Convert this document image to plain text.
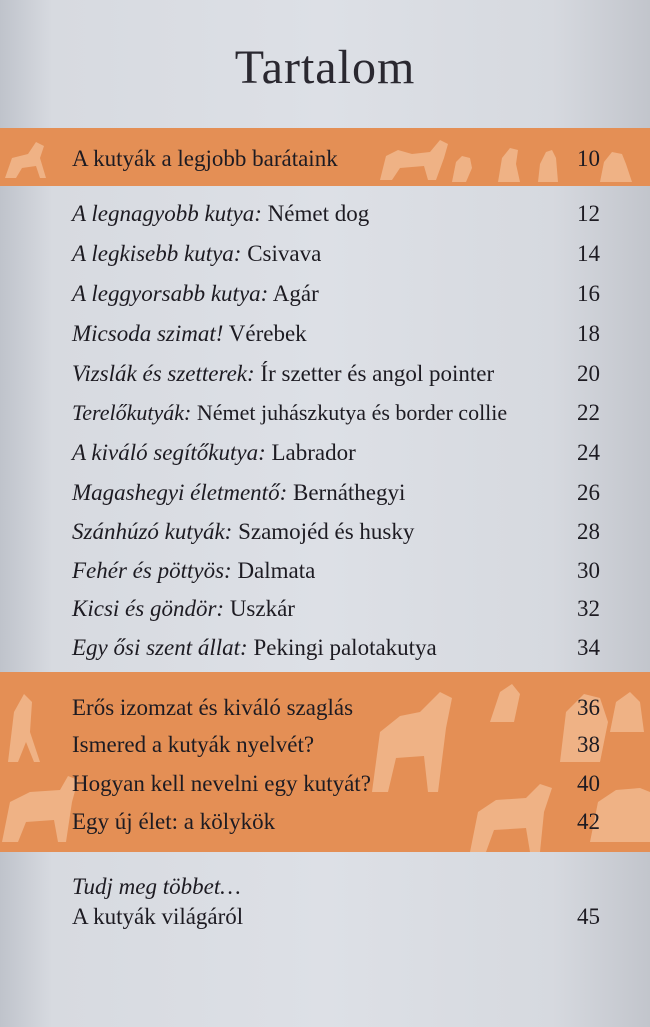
Tartalom
A kutyák a legjobb barátaink	10
A legnagyobb kutya: Német dog	12
A legkisebb kutya: Csivava	14
A leggyorsabb kutya: Agár	16
Micsoda szimat! Vérebek	18
Vizslák és szetterek: Ír szetter és angol pointer	20
Terelőkutyák: Német juhászkutya és border collie	22
A kiváló segítőkutya: Labrador	24
Magashegyi életmentő: Bernáthegyi	26
Szánhúzó kutyák: Szamojéd és husky	28
Fehér és pöttyös: Dalmata	30
Kicsi és göndör: Uszkár	32
Egy ősi szent állat: Pekingi palotakutya	34
Erős izomzat és kiváló szaglás	36
Ismered a kutyák nyelvét?	38
Hogyan kell nevelni egy kutyát?	40
Egy új élet: a kölykök	42
Tudj meg többet…
A kutyák világáról	45
